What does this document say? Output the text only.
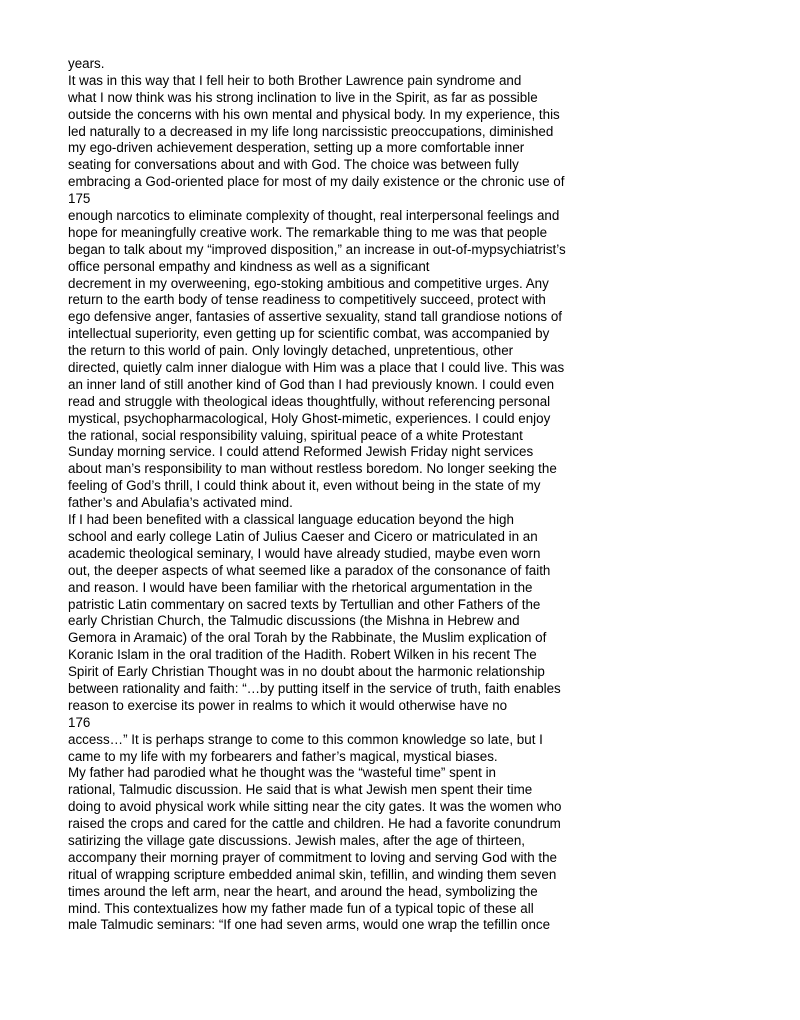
years.
It was in this way that I fell heir to both Brother Lawrence pain syndrome and
what I now think was his strong inclination to live in the Spirit, as far as possible
outside the concerns with his own mental and physical body. In my experience, this
led naturally to a decreased in my life long narcissistic preoccupations, diminished
my ego-driven achievement desperation, setting up a more comfortable inner
seating for conversations about and with God. The choice was between fully
embracing a God-oriented place for most of my daily existence or the chronic use of
175
enough narcotics to eliminate complexity of thought, real interpersonal feelings and
hope for meaningfully creative work. The remarkable thing to me was that people
began to talk about my “improved disposition,” an increase in out-of-mypsychiatrist’s
office personal empathy and kindness as well as a significant
decrement in my overweening, ego-stoking ambitious and competitive urges. Any
return to the earth body of tense readiness to competitively succeed, protect with
ego defensive anger, fantasies of assertive sexuality, stand tall grandiose notions of
intellectual superiority, even getting up for scientific combat, was accompanied by
the return to this world of pain. Only lovingly detached, unpretentious, other
directed, quietly calm inner dialogue with Him was a place that I could live. This was
an inner land of still another kind of God than I had previously known. I could even
read and struggle with theological ideas thoughtfully, without referencing personal
mystical, psychopharmacological, Holy Ghost-mimetic, experiences. I could enjoy
the rational, social responsibility valuing, spiritual peace of a white Protestant
Sunday morning service. I could attend Reformed Jewish Friday night services
about man’s responsibility to man without restless boredom. No longer seeking the
feeling of God’s thrill, I could think about it, even without being in the state of my
father’s and Abulafia’s activated mind.
If I had been benefited with a classical language education beyond the high
school and early college Latin of Julius Caeser and Cicero or matriculated in an
academic theological seminary, I would have already studied, maybe even worn
out, the deeper aspects of what seemed like a paradox of the consonance of faith
and reason. I would have been familiar with the rhetorical argumentation in the
patristic Latin commentary on sacred texts by Tertullian and other Fathers of the
early Christian Church, the Talmudic discussions (the Mishna in Hebrew and
Gemora in Aramaic) of the oral Torah by the Rabbinate, the Muslim explication of
Koranic Islam in the oral tradition of the Hadith. Robert Wilken in his recent The
Spirit of Early Christian Thought was in no doubt about the harmonic relationship
between rationality and faith: “…by putting itself in the service of truth, faith enables
reason to exercise its power in realms to which it would otherwise have no
176
access…” It is perhaps strange to come to this common knowledge so late, but I
came to my life with my forbearers and father’s magical, mystical biases.
My father had parodied what he thought was the “wasteful time” spent in
rational, Talmudic discussion. He said that is what Jewish men spent their time
doing to avoid physical work while sitting near the city gates. It was the women who
raised the crops and cared for the cattle and children. He had a favorite conundrum
satirizing the village gate discussions. Jewish males, after the age of thirteen,
accompany their morning prayer of commitment to loving and serving God with the
ritual of wrapping scripture embedded animal skin, tefillin, and winding them seven
times around the left arm, near the heart, and around the head, symbolizing the
mind. This contextualizes how my father made fun of a typical topic of these all
male Talmudic seminars: “If one had seven arms, would one wrap the tefillin once
